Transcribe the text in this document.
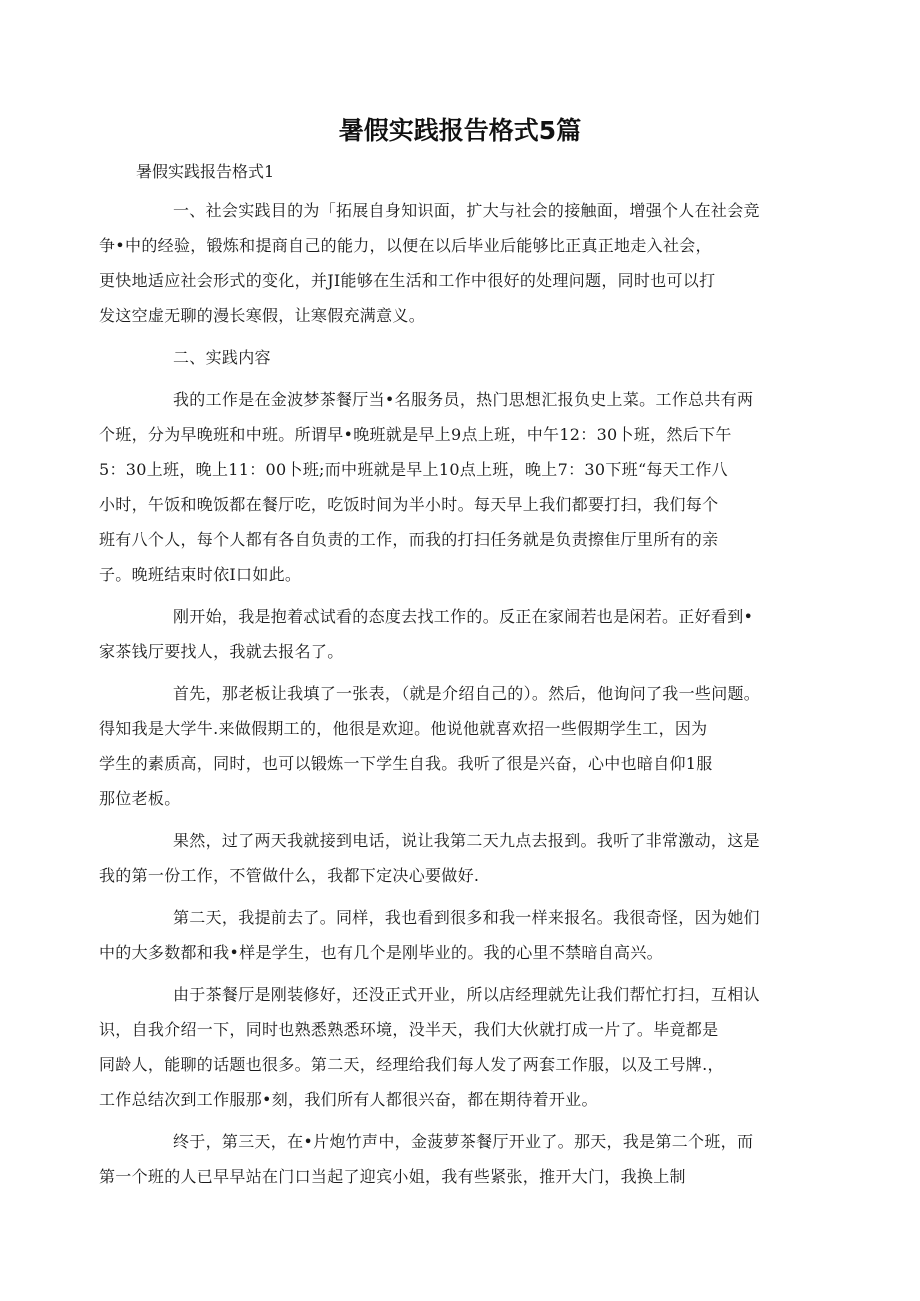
暑假实践报告格式5篇
暑假实践报告格式1
一、社会实践目的为「拓展自身知识面，扩大与社会的接触面，增强个人在社会竞
争•中的经验，锻炼和提商自己的能力，以便在以后毕业后能够比正真正地走入社会，
更快地适应社会形式的变化，并JI能够在生活和工作中很好的处理问题，同时也可以打
发这空虚无聊的漫长寒假，让寒假充满意义。
二、实践内容
我的工作是在金波梦茶餐厅当•名服务员，热门思想汇报负史上菜。工作总共有两
个班，分为早晚班和中班。所谓早•晚班就是早上9点上班，中午12：30卜班，然后下午
5：30上班，晚上11：00卜班;而中班就是早上10点上班，晚上7：30下班“每天工作八
小时，午饭和晚饭都在餐厅吃，吃饭时间为半小时。每天早上我们都要打扫，我们每个
班有八个人，每个人都有各自负责的工作，而我的打扫任务就是负责擦隹厅里所有的亲
子。晚班结束时依I口如此。
刚开始，我是抱着忒试看的态度去找工作的。反正在家闹若也是闲若。正好看到•
家茶钱厅要找人，我就去报名了。
首先，那老板让我填了一张表，（就是介绍自己的）。然后，他询问了我一些问题。
得知我是大学牛.来做假期工的，他很是欢迎。他说他就喜欢招一些假期学生工，因为
学生的素质高，同时，也可以锻炼一下学生自我。我听了很是兴奋，心中也暗自仰1服
那位老板。
果然，过了两天我就接到电话，说让我第二天九点去报到。我听了非常激动，这是
我的第一份工作，不管做什么，我都下定决心要做好.
第二天，我提前去了。同样，我也看到很多和我一样来报名。我很奇怪，因为她们
中的大多数都和我•样是学生，也有几个是刚毕业的。我的心里不禁暗自高兴。
由于茶餐厅是刚装修好，还没正式开业，所以店经理就先让我们帮忙打扫，互相认
识，自我介绍一下，同时也熟悉熟悉环境，没半天，我们大伙就打成一片了。毕竟都是
同龄人，能聊的话题也很多。第二天，经理给我们每人发了两套工作服，以及工号牌.，
工作总结次到工作服那•刻，我们所有人都很兴奋，都在期待着开业。
终于，第三天，在•片炮竹声中，金菠萝茶餐厅开业了。那天，我是第二个班，而
第一个班的人已早早站在门口当起了迎宾小姐，我有些紧张，推开大门，我换上制
